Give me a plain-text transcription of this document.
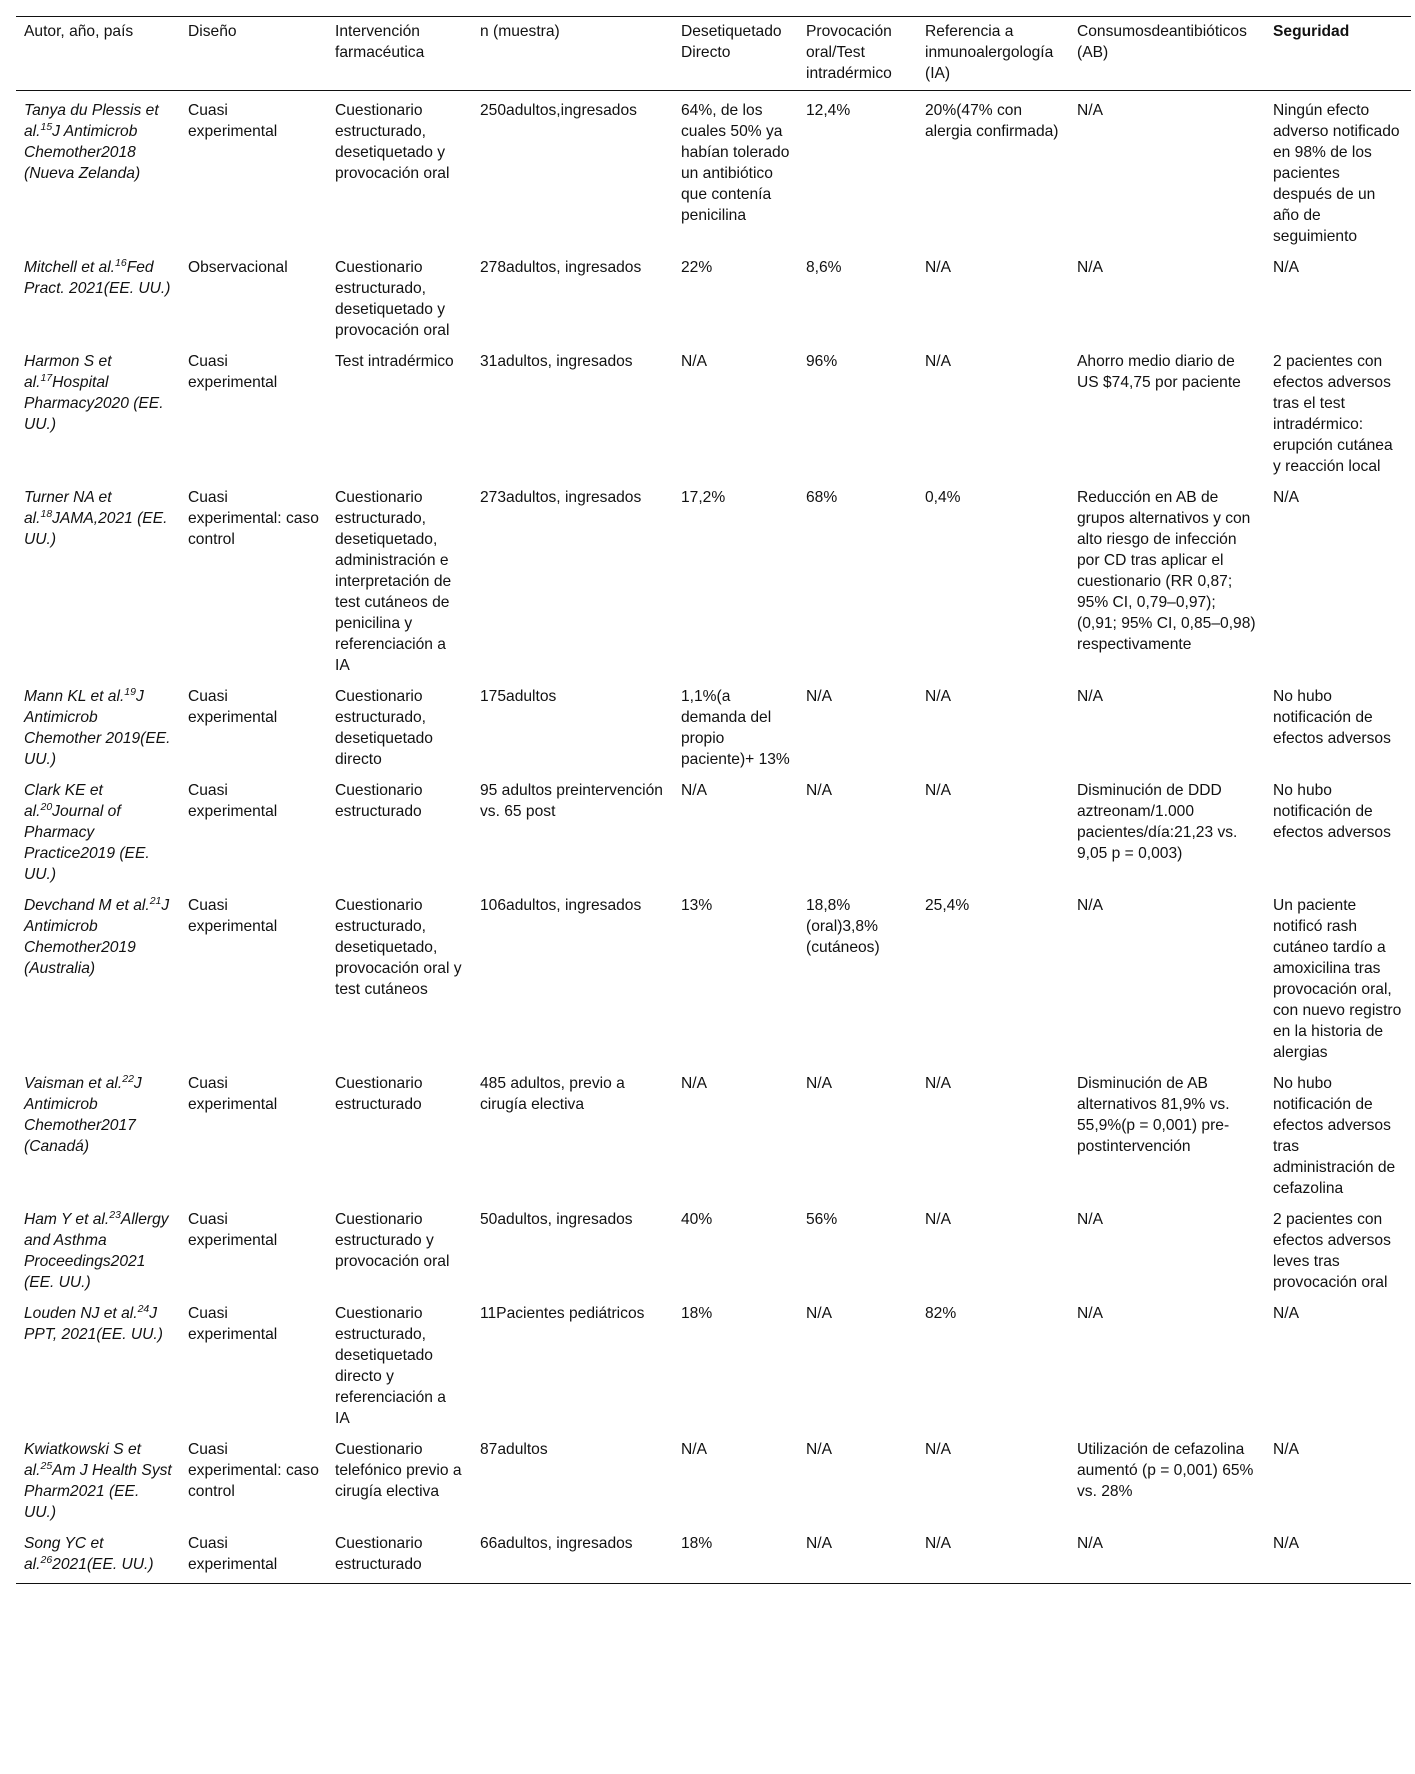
Autor, año, país	Diseño	Intervención farmacéutica	n (muestra)	Desetiquetado Directo	Provocación oral/Test intradérmico	Referencia a inmunoalergología (IA)	Consumosdeantibióticos (AB)	Seguridad
Tanya du Plessis et al.$^{15}$J Antimicrob Chemother2018 (Nueva Zelanda)	Cuasi experimental	Cuestionario estructurado, desetiquetado y provocación oral	250adultos,ingresados	64%, de los cuales 50% ya habían tolerado un antibiótico que contenía penicilina	12,4%	20%(47% con alergia confirmada)	N/A	Ningún efecto adverso notificado en 98% de los pacientes después de un año de seguimiento
Mitchell et al.$^{16}$Fed Pract. 2021(EE. UU.)	Observacional	Cuestionario estructurado, desetiquetado y provocación oral	278adultos, ingresados	22%	8,6%	N/A	N/A	N/A
Harmon S et al.$^{17}$Hospital Pharmacy2020 (EE. UU.)	Cuasi experimental	Test intradérmico	31adultos, ingresados	N/A	96%	N/A	Ahorro medio diario de US $74,75 por paciente	2 pacientes con efectos adversos tras el test intradérmico: erupción cutánea y reacción local
Turner NA et al.$^{18}$JAMA,2021 (EE. UU.)	Cuasi experimental: caso control	Cuestionario estructurado, desetiquetado, administración e interpretación de test cutáneos de penicilina y referenciación a IA	273adultos, ingresados	17,2%	68%	0,4%	Reducción en AB de grupos alternativos y con alto riesgo de infección por CD tras aplicar el cuestionario (RR 0,87; 95% CI, 0,79–0,97); (0,91; 95% CI, 0,85–0,98) respectivamente	N/A
Mann KL et al.$^{19}$J Antimicrob Chemother 2019(EE. UU.)	Cuasi experimental	Cuestionario estructurado, desetiquetado directo	175adultos	1,1%(a demanda del propio paciente)+ 13%	N/A	N/A	N/A	No hubo notificación de efectos adversos
Clark KE et al.$^{20}$Journal of Pharmacy Practice2019 (EE. UU.)	Cuasi experimental	Cuestionario estructurado	95 adultos preintervención vs. 65 post	N/A	N/A	N/A	Disminución de DDD aztreonam/1.000 pacientes/día:21,23 vs. 9,05 p = 0,003)	No hubo notificación de efectos adversos
Devchand M et al.$^{21}$J Antimicrob Chemother2019 (Australia)	Cuasi experimental	Cuestionario estructurado, desetiquetado, provocación oral y test cutáneos	106adultos, ingresados	13%	18,8% (oral)3,8% (cutáneos)	25,4%	N/A	Un paciente notificó rash cutáneo tardío a amoxicilina tras provocación oral, con nuevo registro en la historia de alergias
Vaisman et al.$^{22}$J Antimicrob Chemother2017 (Canadá)	Cuasi experimental	Cuestionario estructurado	485 adultos, previo a cirugía electiva	N/A	N/A	N/A	Disminución de AB alternativos 81,9% vs. 55,9%(p = 0,001) pre-postintervención	No hubo notificación de efectos adversos tras administración de cefazolina
Ham Y et al.$^{23}$Allergy and Asthma Proceedings2021 (EE. UU.)	Cuasi experimental	Cuestionario estructurado y provocación oral	50adultos, ingresados	40%	56%	N/A	N/A	2 pacientes con efectos adversos leves tras provocación oral
Louden NJ et al.$^{24}$J PPT, 2021(EE. UU.)	Cuasi experimental	Cuestionario estructurado, desetiquetado directo y referenciación a IA	11Pacientes pediátricos	18%	N/A	82%	N/A	N/A
Kwiatkowski S et al.$^{25}$Am J Health Syst Pharm2021 (EE. UU.)	Cuasi experimental: caso control	Cuestionario telefónico previo a cirugía electiva	87adultos	N/A	N/A	N/A	Utilización de cefazolina aumentó (p = 0,001) 65% vs. 28%	N/A
Song YC et al.$^{26}$2021(EE. UU.)	Cuasi experimental	Cuestionario estructurado	66adultos, ingresados	18%	N/A	N/A	N/A	N/A
